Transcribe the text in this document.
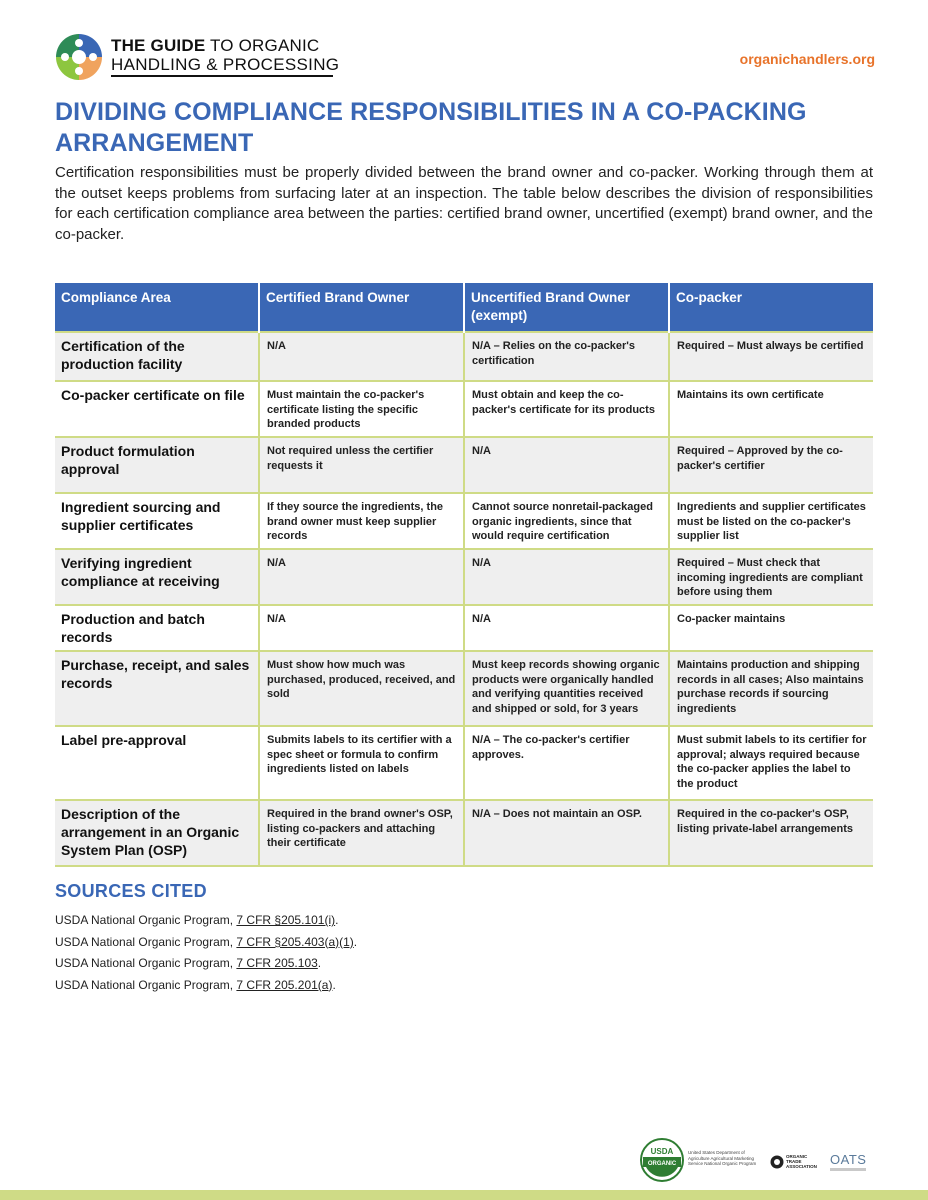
THE GUIDE TO ORGANIC
HANDLING & PROCESSING	organichandlers.org
DIVIDING COMPLIANCE RESPONSIBILITIES IN A CO-PACKING ARRANGEMENT

Certification responsibilities must be properly divided between the brand owner and co-packer. Working through them at the outset keeps problems from surfacing later at an inspection. The table below describes the division of responsibilities for each certification compliance area between the parties: certified brand owner, uncertified (exempt) brand owner, and the co-packer.

Compliance Area	Certified Brand Owner	Uncertified Brand Owner (exempt)	Co-packer
Certification of the production facility	N/A	N/A – Relies on the co-packer's certification	Required – Must always be certified
Co-packer certificate on file	Must maintain the co-packer's certificate listing the specific branded products	Must obtain and keep the co-packer's certificate for its products	Maintains its own certificate
Product formulation approval	Not required unless the certifier requests it	N/A	Required – Approved by the co-packer's certifier
Ingredient sourcing and supplier certificates	If they source the ingredients, the brand owner must keep supplier records	Cannot source nonretail-packaged organic ingredients, since that would require certification	Ingredients and supplier certificates must be listed on the co-packer's supplier list
Verifying ingredient compliance at receiving	N/A	N/A	Required – Must check that incoming ingredients are compliant before using them
Production and batch records	N/A	N/A	Co-packer maintains
Purchase, receipt, and sales records	Must show how much was purchased, produced, received, and sold	Must keep records showing organic products were organically handled and verifying quantities received and shipped or sold, for 3 years	Maintains production and shipping records in all cases; Also maintains purchase records if sourcing ingredients
Label pre-approval	Submits labels to its certifier with a spec sheet or formula to confirm ingredients listed on labels	N/A – The co-packer's certifier approves.	Must submit labels to its certifier for approval; always required because the co-packer applies the label to the product
Description of the arrangement in an Organic System Plan (OSP)	Required in the brand owner's OSP, listing co-packers and attaching their certificate	N/A – Does not maintain an OSP.	Required in the co-packer's OSP, listing private-label arrangements
SOURCES CITED
USDA National Organic Program, 7 CFR §205.101(i).
USDA National Organic Program, 7 CFR §205.403(a)(1).
USDA National Organic Program, 7 CFR 205.103.
USDA National Organic Program, 7 CFR 205.201(a).
USDA
ORGANIC
United States Department of Agriculture Agricultural Marketing Service National Organic Program
ORGANIC TRADE ASSOCIATION OATS
